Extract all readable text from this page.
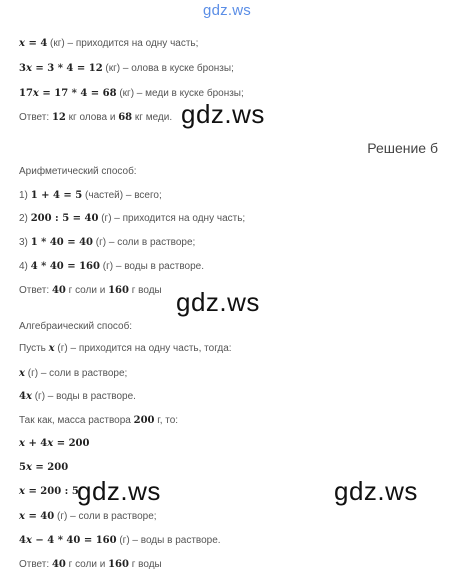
gdz.ws
x = 4 (кг) – приходится на одну часть;
3x = 3 * 4 = 12 (кг) – олова в куске бронзы;
17x = 17 * 4 = 68 (кг) – меди в куске бронзы;
Ответ: 12 кг олова и 68 кг меди. gdz.ws
Решение б
Арифметический способ:
1) 1 + 4 = 5 (частей) – всего;
2) 200 : 5 = 40 (г) – приходится на одну часть;
3) 1 * 40 = 40 (г) – соли в растворе;
4) 4 * 40 = 160 (г) – воды в растворе.
Ответ: 40 г соли и 160 г воды gdz.ws
Алгебраический способ:
Пусть x (г) – приходится на одну часть, тогда:
x (г) – соли в растворе;
4x (г) – воды в растворе.
Так как, масса раствора 200 г, то:
x + 4x = 200
5x = 200
x = 200 : 5
x = 40 (г) – соли в растворе;
4x − 4 * 40 = 160 (г) – воды в растворе.
Ответ: 40 г соли и 160 г воды
gdz.ws	gdz.ws
